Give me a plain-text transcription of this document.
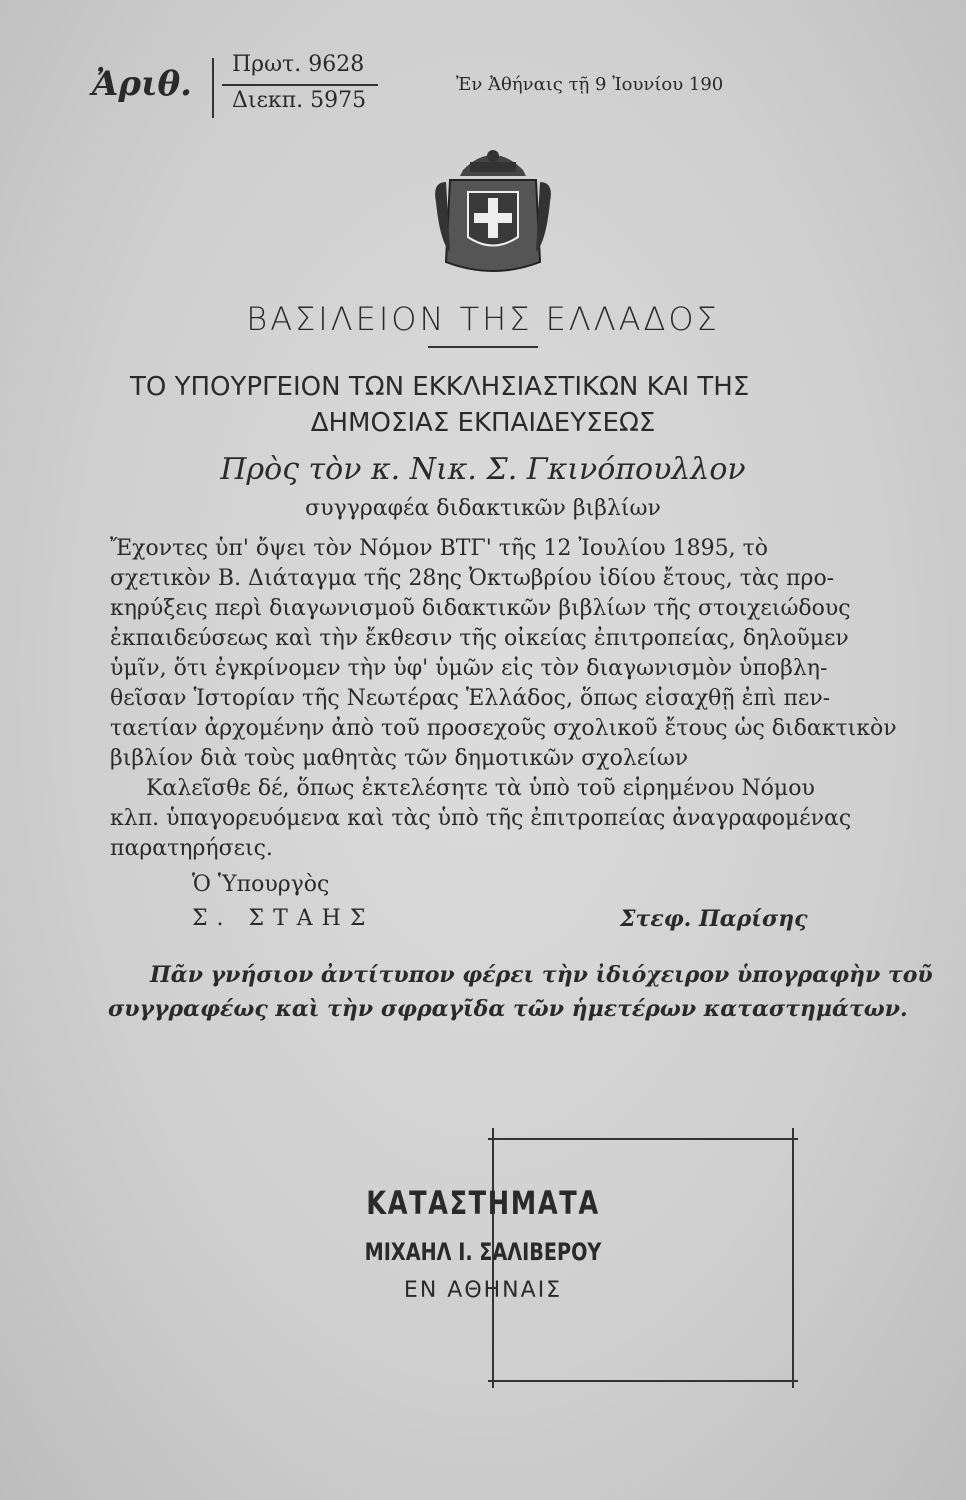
Ἀριθ. Πρωτ. 9628
Διεκπ. 5975
Ἐν Ἀθήναις τῇ 9 Ἰουνίου 190
ΒΑΣΙΛΕΙΟΝ ΤΗΣ ΕΛΛΑΔΟΣ
ΤΟ ΥΠΟΥΡΓΕΙΟΝ ΤΩΝ ΕΚΚΛΗΣΙΑΣΤΙΚΩΝ ΚΑΙ ΤΗΣ
ΔΗΜΟΣΙΑΣ ΕΚΠΑΙΔΕΥΣΕΩΣ
Πρὸς τὸν κ. Νικ. Σ. Γκινόπουλλον
συγγραφέα διδακτικῶν βιβλίων
Ἔχοντες ὑπ' ὄψει τὸν Νόμον ΒΤΓ' τῆς 12 Ἰουλίου 1895, τὸ
σχετικὸν Β. Διάταγμα τῆς 28ης Ὀκτωβρίου ἰδίου ἔτους, τὰς προ-
κηρύξεις περὶ διαγωνισμοῦ διδακτικῶν βιβλίων τῆς στοιχειώδους
ἐκπαιδεύσεως καὶ τὴν ἔκθεσιν τῆς οἰκείας ἐπιτροπείας, δηλοῦμεν
ὑμῖν, ὅτι ἐγκρίνομεν τὴν ὑφ' ὑμῶν εἰς τὸν διαγωνισμὸν ὑποβλη-
θεῖσαν Ἱστορίαν τῆς Νεωτέρας Ἑλλάδος, ὅπως εἰσαχθῇ ἐπὶ πεν-
ταετίαν ἀρχομένην ἀπὸ τοῦ προσεχοῦς σχολικοῦ ἔτους ὡς διδακτικὸν
βιβλίον διὰ τοὺς μαθητὰς τῶν δημοτικῶν σχολείων
Καλεῖσθε δέ, ὅπως ἐκτελέσητε τὰ ὑπὸ τοῦ εἰρημένου Νόμου
κλπ. ὑπαγορευόμενα καὶ τὰς ὑπὸ τῆς ἐπιτροπείας ἀναγραφομένας
παρατηρήσεις.
Ὁ Ὑπουργὸς
Σ. ΣΤΑΗΣ	Στεφ. Παρίσης
Πᾶν γνήσιον ἀντίτυπον φέρει τὴν ἰδιόχειρον ὑπογραφὴν τοῦ
συγγραφέως καὶ τὴν σφραγῖδα τῶν ἡμετέρων καταστημάτων.
ΚΑΤΑΣΤΗΜΑΤΑ
ΜΙΧΑΗΛ Ι. ΣΑΛΙΒΕΡΟΥ
ΕΝ ΑΘΗΝΑΙΣ
